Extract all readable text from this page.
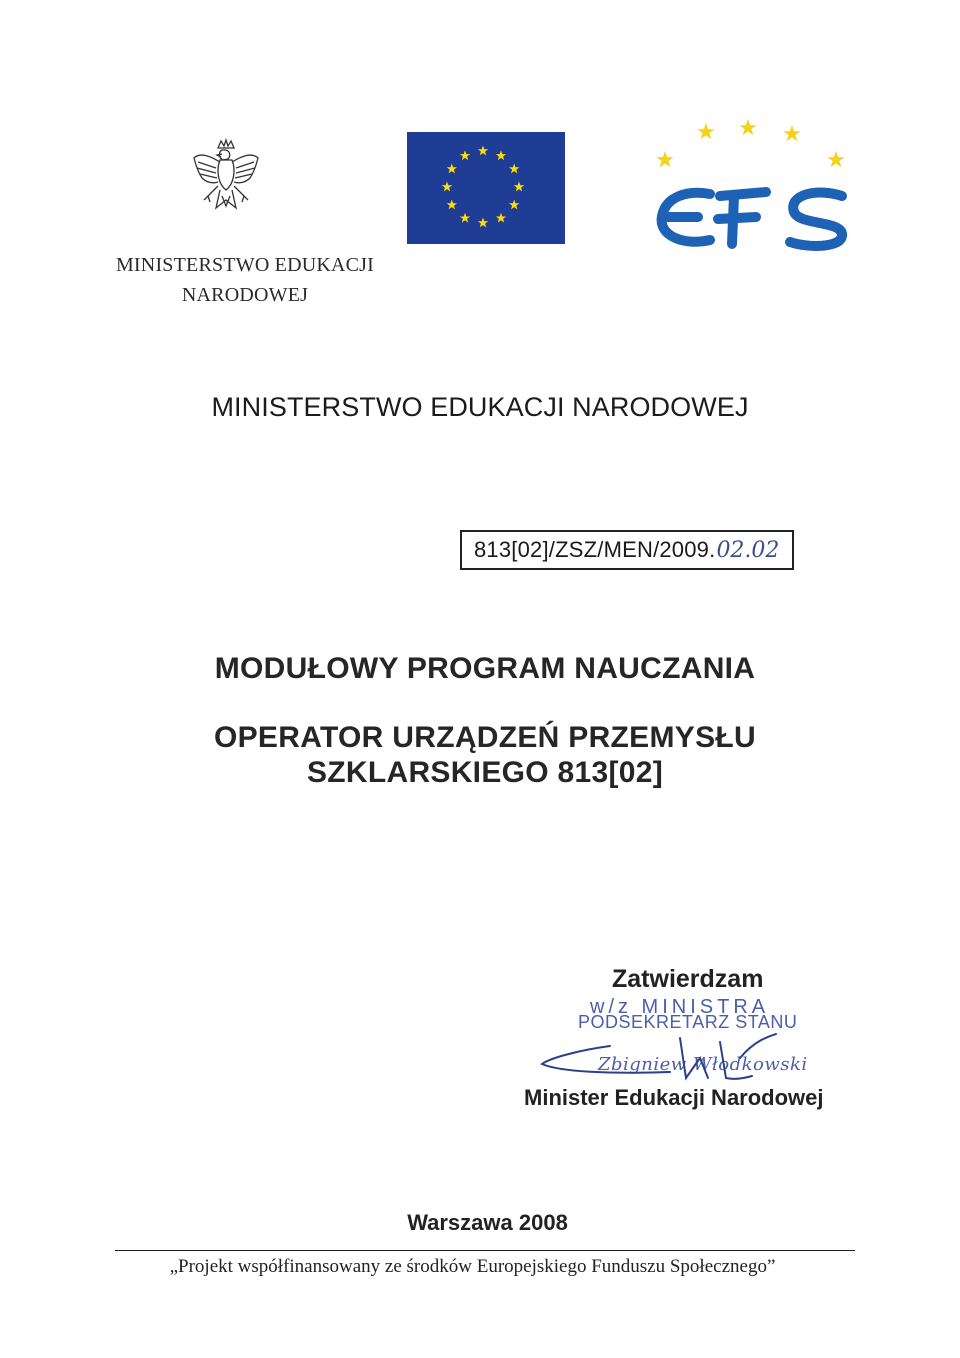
MINISTERSTWO EDUKACJI
NARODOWEJ
EFS
MINISTERSTWO EDUKACJI NARODOWEJ
813[02]/ZSZ/MEN/2009. 02.02
MODUŁOWY PROGRAM NAUCZANIA
OPERATOR URZĄDZEŃ PRZEMYSŁU
SZKLARSKIEGO 813[02]
Zatwierdzam
w/z MINISTRA
PODSEKRETARZ STANU
Zbigniew Włodkowski
Minister Edukacji Narodowej
Warszawa 2008
„Projekt współfinansowany ze środków Europejskiego Funduszu Społecznego”
